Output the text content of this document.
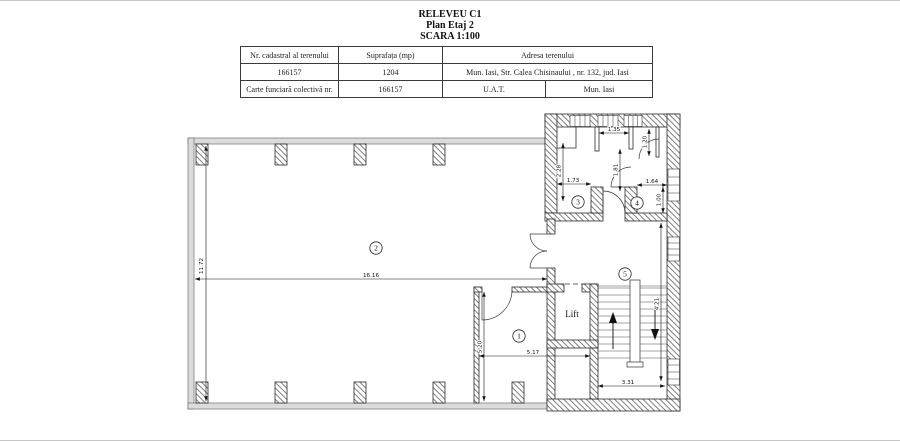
RELEVEU C1
Plan Etaj 2
SCARA 1:100
Nr. cadastral al terenului	Suprafața (mp)	Adresa terenului	
166157	1204	Mun. Iasi, Str. Calea Chisinaului , nr. 132, jud. Iasi	
Carte funciară colectivă nr.	166157	U.A.T.	Mun. Iasi
Lift
11.72
16.16
5.20	5.17
1.35
2.28
1.73
1.81
1.20
1.64
1.00
3.31
4.21
1
2
3	4
5
